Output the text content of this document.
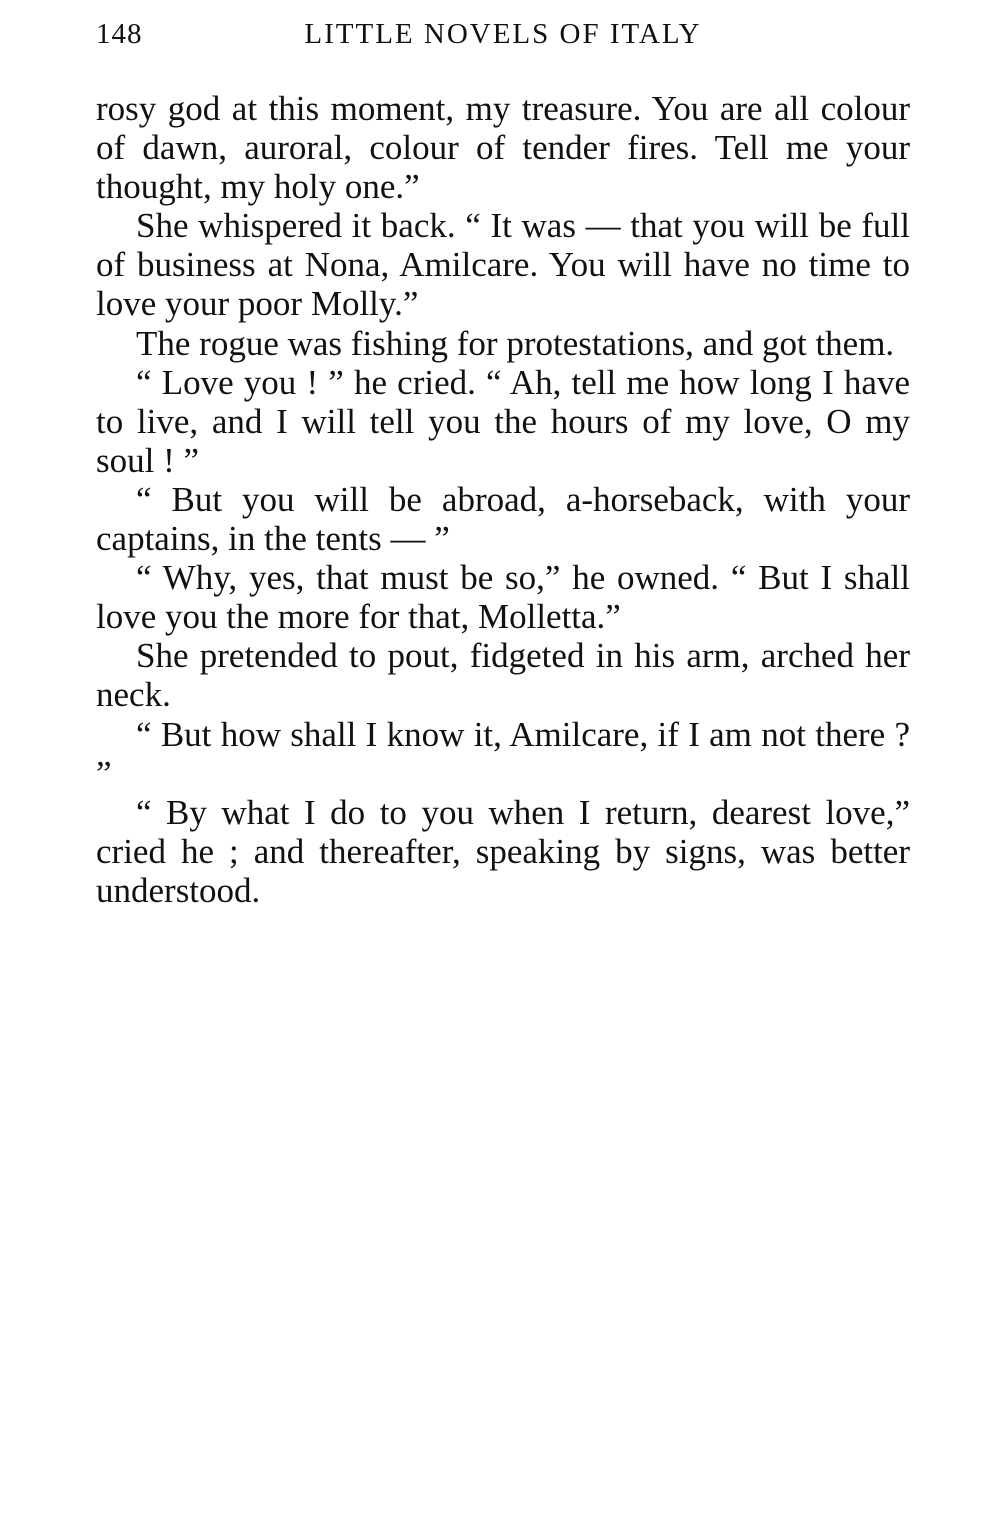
148	LITTLE NOVELS OF ITALY

rosy god at this moment, my treasure. You are all colour of dawn, auroral, colour of tender fires. Tell me your thought, my holy one.”

She whispered it back. “ It was — that you will be full of business at Nona, Amilcare. You will have no time to love your poor Molly.”

The rogue was fishing for protestations, and got them.

“ Love you ! ” he cried. “ Ah, tell me how long I have to live, and I will tell you the hours of my love, O my soul ! ”

“ But you will be abroad, a-horseback, with your captains, in the tents — ”

“ Why, yes, that must be so,” he owned. “ But I shall love you the more for that, Molletta.”

She pretended to pout, fidgeted in his arm, arched her neck.

“ But how shall I know it, Amilcare, if I am not there ? ”

“ By what I do to you when I return, dearest love,” cried he ; and thereafter, speaking by signs, was better understood.
